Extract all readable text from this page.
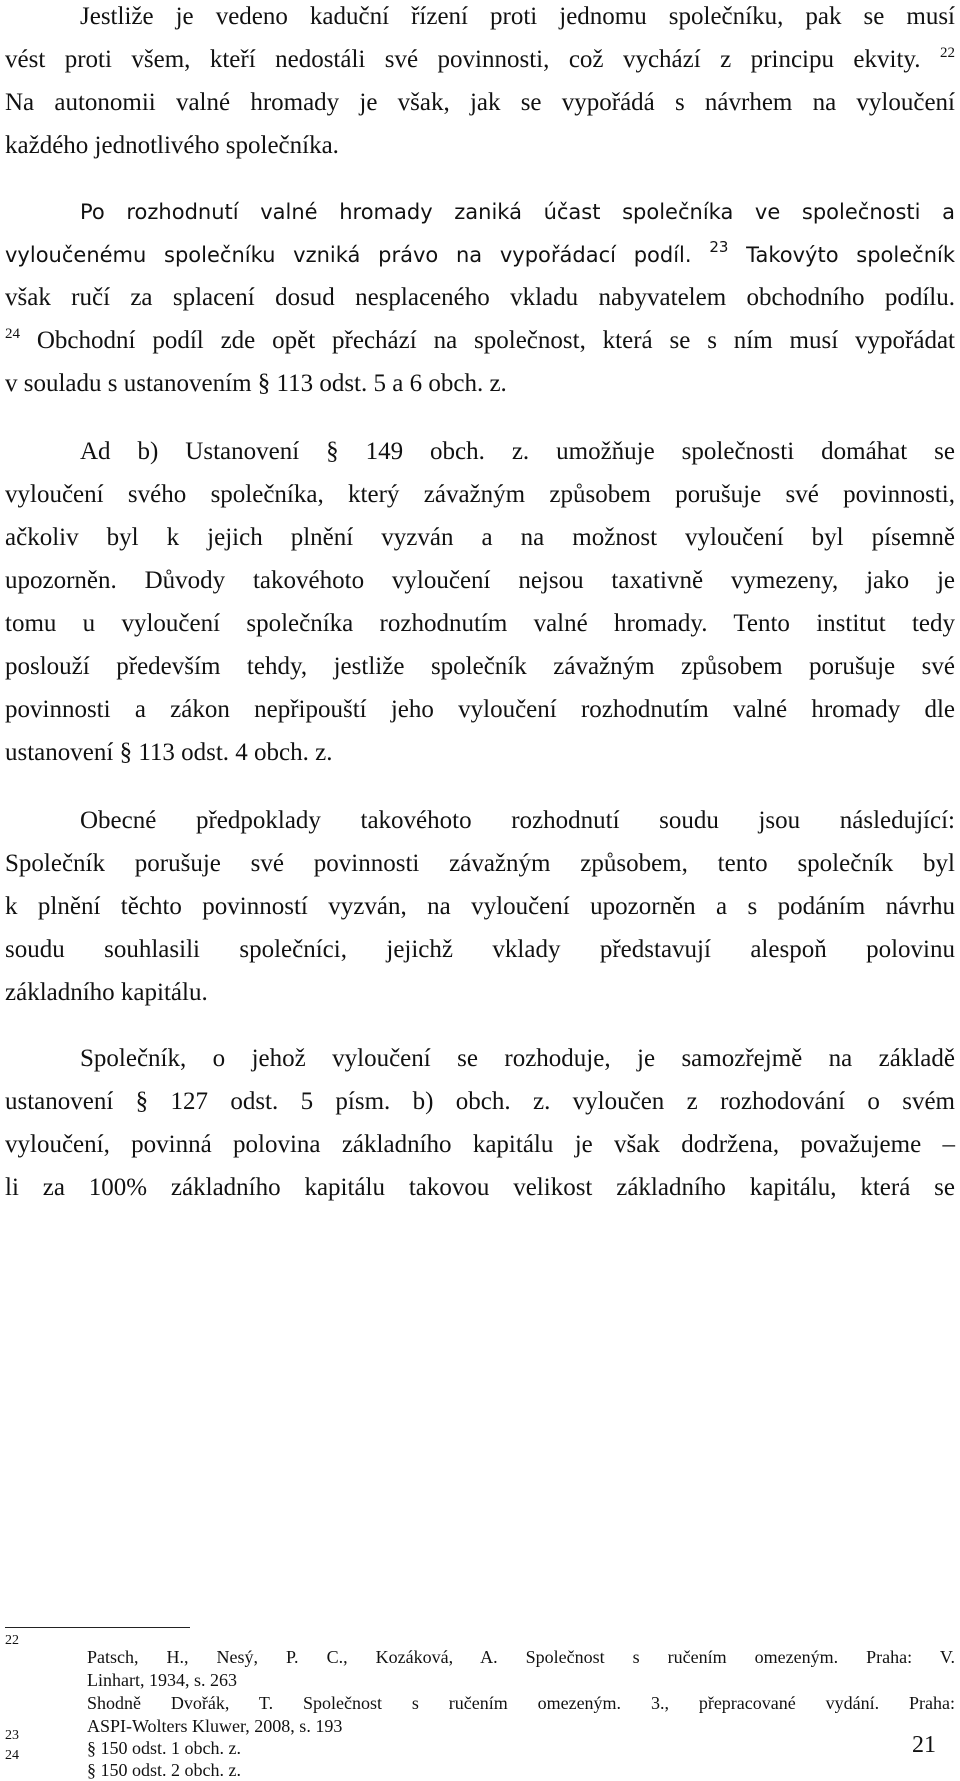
Jestliže je vedeno kaduční řízení proti jednomu společníku, pak se musí
vést proti všem, kteří nedostáli své povinnosti, což vychází z principu ekvity. $^{22}$
Na autonomii valné hromady je však, jak se vypořádá s návrhem na vyloučení
každého jednotlivého společníka.
Po rozhodnutí valné hromady zaniká účast společníka ve společnosti a
vyloučenému společníku vzniká právo na vypořádací podíl. $^{23}$ Takovýto společník
však ručí za splacení dosud nesplaceného vkladu nabyvatelem obchodního podílu.
$^{24}$ Obchodní podíl zde opět přechází na společnost, která se s ním musí vypořádat
v souladu s ustanovením § 113 odst. 5 a 6 obch. z.
Ad b) Ustanovení § 149 obch. z. umožňuje společnosti domáhat se
vyloučení svého společníka, který závažným způsobem porušuje své povinnosti,
ačkoliv byl k jejich plnění vyzván a na možnost vyloučení byl písemně
upozorněn. Důvody takovéhoto vyloučení nejsou taxativně vymezeny, jako je
tomu u vyloučení společníka rozhodnutím valné hromady. Tento institut tedy
poslouží především tehdy, jestliže společník závažným způsobem porušuje své
povinnosti a zákon nepřipouští jeho vyloučení rozhodnutím valné hromady dle
ustanovení § 113 odst. 4 obch. z.
Obecné předpoklady takovéhoto rozhodnutí soudu jsou následující:
Společník porušuje své povinnosti závažným způsobem, tento společník byl
k plnění těchto povinností vyzván, na vyloučení upozorněn a s podáním návrhu
soudu souhlasili společníci, jejichž vklady představují alespoň polovinu
základního kapitálu.
Společník, o jehož vyloučení se rozhoduje, je samozřejmě na základě
ustanovení § 127 odst. 5 písm. b) obch. z. vyloučen z rozhodování o svém
vyloučení, povinná polovina základního kapitálu je však dodržena, považujeme –
li za 100% základního kapitálu takovou velikost základního kapitálu, která se
22
Patsch, H., Nesý, P. C., Kozáková, A. Společnost s ručením omezeným. Praha: V.
Linhart, 1934, s. 263
Shodně Dvořák, T. Společnost s ručením omezeným. 3., přepracované vydání. Praha:
ASPI-Wolters Kluwer, 2008, s. 193
23
§ 150 odst. 1 obch. z.
24
§ 150 odst. 2 obch. z.
21
